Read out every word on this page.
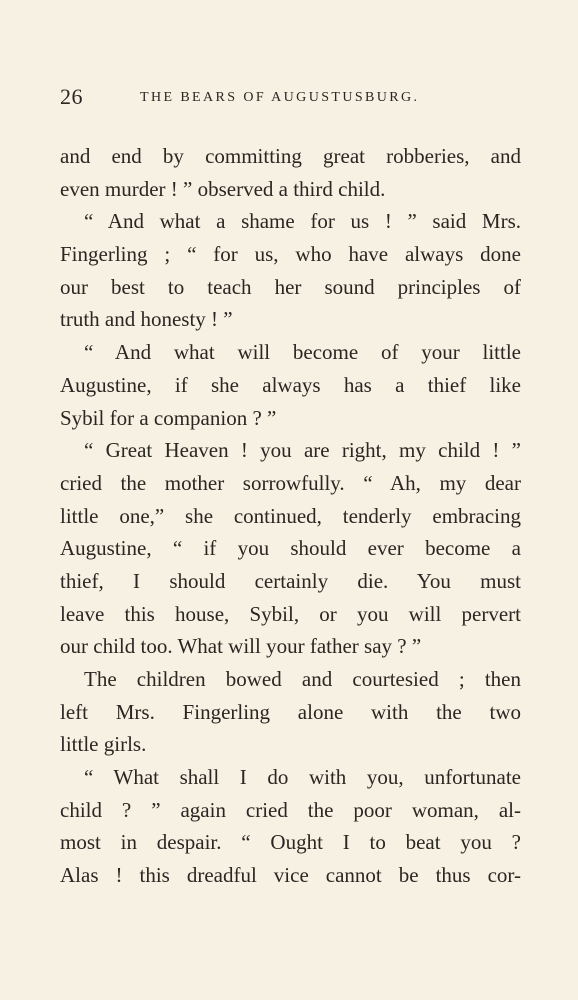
26	THE BEARS OF AUGUSTUSBURG.
and end by committing great robberies, and
even murder ! ” observed a third child.
“ And what a shame for us ! ” said Mrs.
Fingerling ; “ for us, who have always done
our best to teach her sound principles of
truth and honesty ! ”
“ And what will become of your little
Augustine, if she always has a thief like
Sybil for a companion ? ”
“ Great Heaven ! you are right, my child ! ”
cried the mother sorrowfully. “ Ah, my dear
little one,” she continued, tenderly embracing
Augustine, “ if you should ever become a
thief, I should certainly die. You must
leave this house, Sybil, or you will pervert
our child too. What will your father say ? ”
The children bowed and courtesied ; then
left Mrs. Fingerling alone with the two
little girls.
“ What shall I do with you, unfortunate
child ? ” again cried the poor woman, al-
most in despair. “ Ought I to beat you ?
Alas ! this dreadful vice cannot be thus cor-
